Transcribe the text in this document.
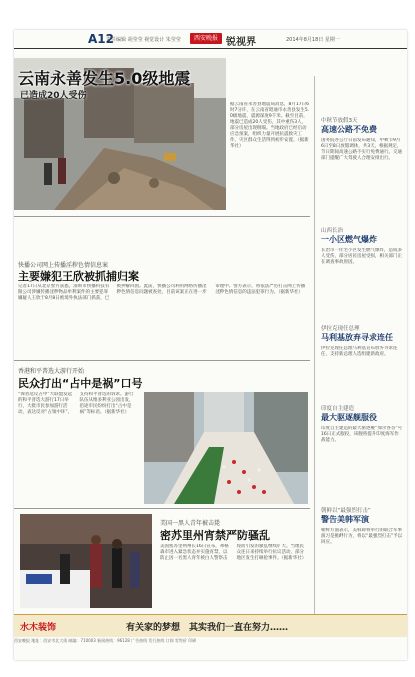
A12
责任编辑 胡莹莹 视觉设计 朱莹莹	西安晚报 锐视界	2014年8月18日 星期一
云南永善发生5.0级地震
已造成20人受伤
据云南省永善县地震局消息，8月17日6时7分许，在云南省昭通市永善县发生5.0级地震，震源深度9千米。截至目前，地震已造成20人受伤，其中重伤3人，部分房屋出现倒塌。当地政府已经启动应急预案，组织力量开展抗震救灾工作，灾区群众生活得到初步安置。（据新华社）
快播公司网上传播淫秽色情信息案
主要嫌犯王欣被抓捕归案
记者17日从北京警方获悉，深圳市快播科技有限公司涉嫌传播淫秽物品牟利案件的主要犯罪嫌疑人王欣于8月8日被境外执法部门抓获，已被押解回国。此前，快播公司利用网络传播淫秽色情信息问题被查处，目前该案正在进一步审理中。警方表示，将依法严厉打击网上传播淫秽色情信息的违法犯罪行为。（据新华社）
香港和平普选大游行开始
民众打出“占中是祸”口号
“保普选反占中”大联盟发起的和平普选大游行17日举行，大批市民参加游行活动，表达反对“占领中环”、支持和平普选的诉求。游行队伍从维多利亚公园出发，沿途市民纷纷打出“占中是祸”等标语。（据新华社）
美国一黑人青年被击毙
密苏里州宵禁严防骚乱
美国密苏里州州长16日宣布，弗格森市进入紧急状态并实施宵禁，以防止因一名黑人青年被白人警察击毙而引发的骚乱继续扩大。当地民众连日来持续举行抗议活动，部分地区发生打砸抢事件。（据新华社）
中秋节放假3天
高速公路不免费
国务院办公厅日前发布通知，中秋节9月6日至8日放假调休，共3天。根据规定，节日期间高速公路不实行免费通行。交通部门提醒广大驾驶人合理安排出行。
山西长治
一小区燃气爆炸
长治市一住宅小区发生燃气爆炸，造成多人受伤，部分居民房屋受损，相关部门正在调查事故原因。
伊拉克现任总理
马利基放弃寻求连任
伊拉克现任总理马利基宣布放弃寻求连任，支持新总理人选组建新政府。
印度自主建造
最大驱逐舰服役
印度自主建造的最大驱逐舰“加尔各答”号16日正式服役，该舰将提升印度海军作战能力。
朝鲜以“最强烈打击”
警告美韩军演
朝鲜方面表示，美韩即将举行的联合军事演习是挑衅行为，将以“最强烈打击”予以回应。
水木装饰	有关家的梦想　其实我们一直在努力……
西安晚报 地址：西安市北大街 邮编：710003 新闻热线：96128 广告热线 发行热线 订阅 零售价 印刷
